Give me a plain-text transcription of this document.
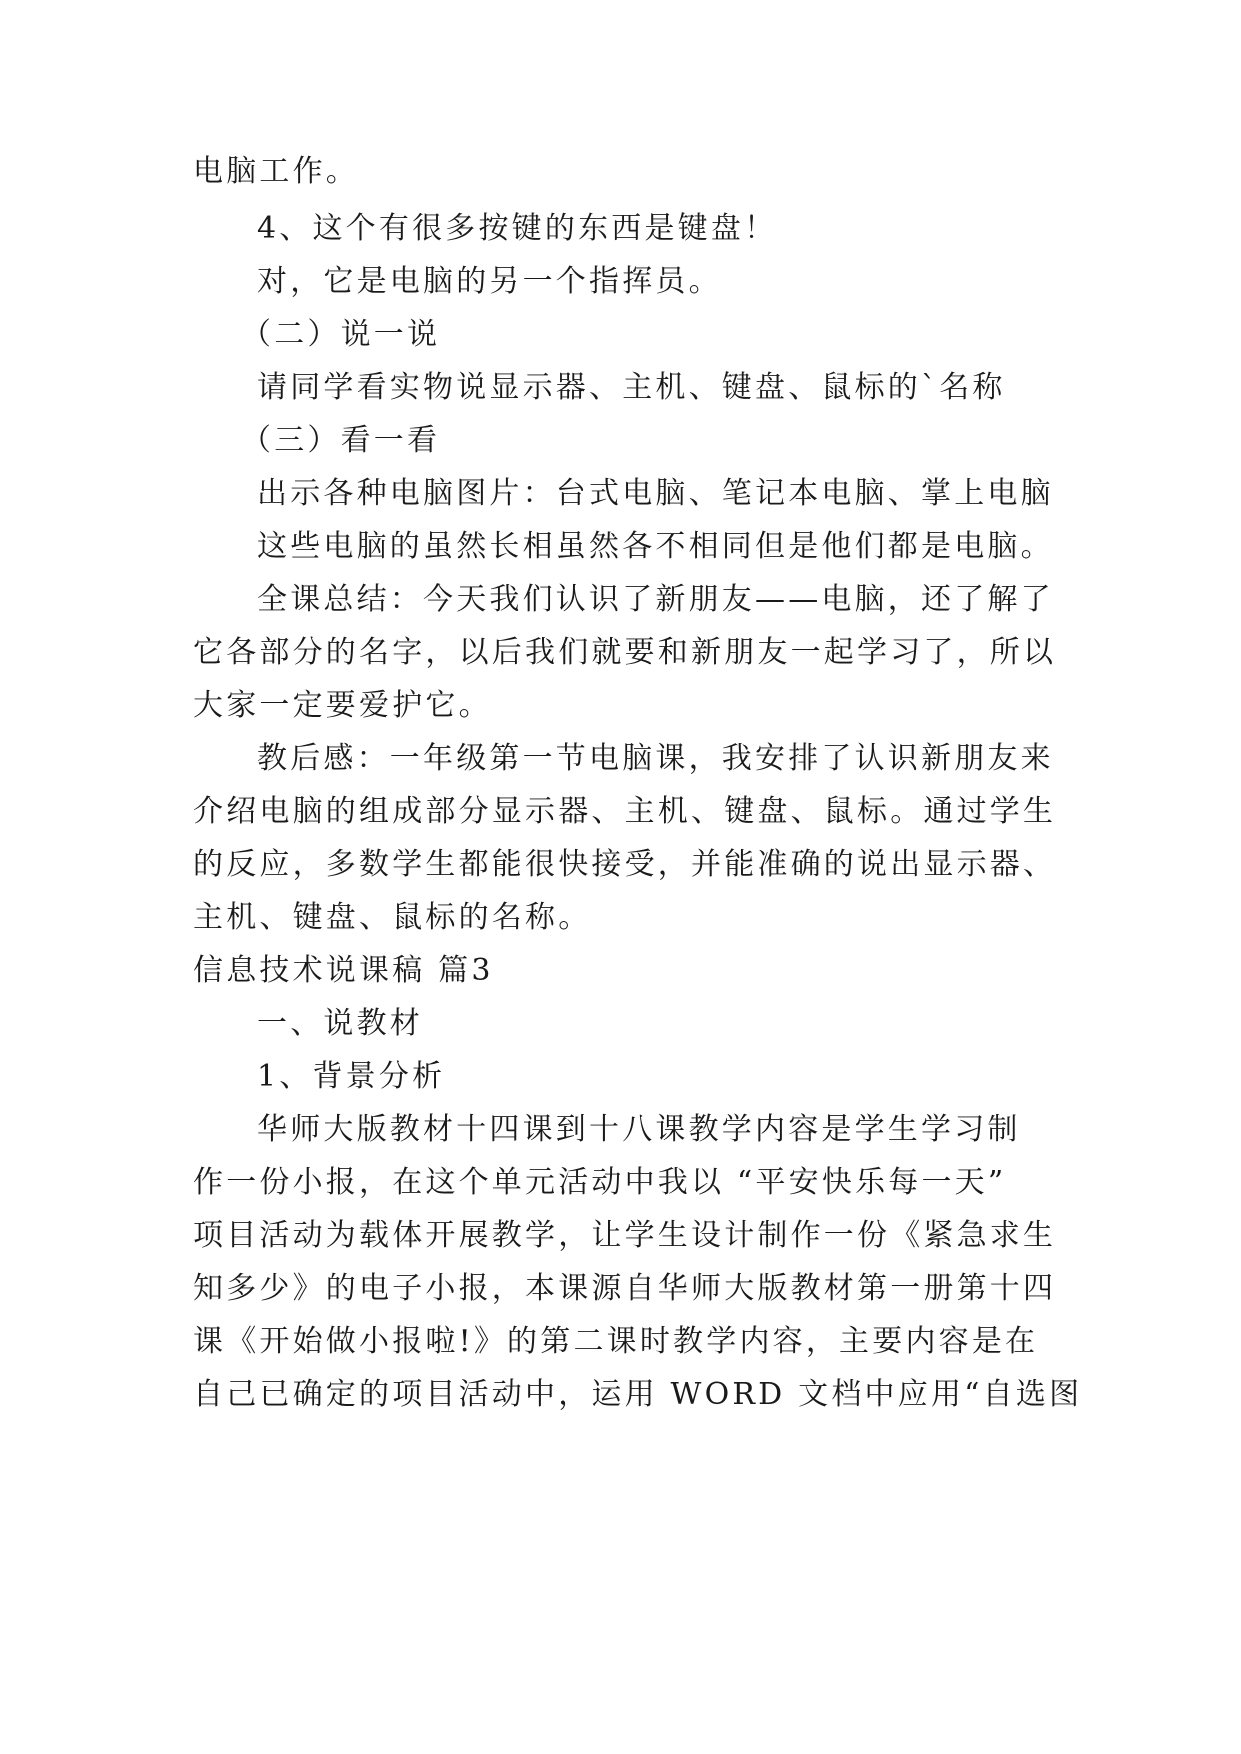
电脑工作。

4、这个有很多按键的东西是键盘！

对，它是电脑的另一个指挥员。

（二）说一说

请同学看实物说显示器、主机、键盘、鼠标的`名称

（三）看一看

出示各种电脑图片：台式电脑、笔记本电脑、掌上电脑

这些电脑的虽然长相虽然各不相同但是他们都是电脑。

全课总结：今天我们认识了新朋友——电脑，还了解了

它各部分的名字，以后我们就要和新朋友一起学习了，所以

大家一定要爱护它。

教后感：一年级第一节电脑课，我安排了认识新朋友来

介绍电脑的组成部分显示器、主机、键盘、鼠标。通过学生

的反应，多数学生都能很快接受，并能准确的说出显示器、

主机、键盘、鼠标的名称。

信息技术说课稿 篇3

一、说教材

1、背景分析

华师大版教材十四课到十八课教学内容是学生学习制

作一份小报，在这个单元活动中我以 “平安快乐每一天”

项目活动为载体开展教学，让学生设计制作一份《紧急求生

知多少》的电子小报，本课源自华师大版教材第一册第十四

课《开始做小报啦!》的第二课时教学内容，主要内容是在

自己已确定的项目活动中，运用 WORD 文档中应用“自选图
